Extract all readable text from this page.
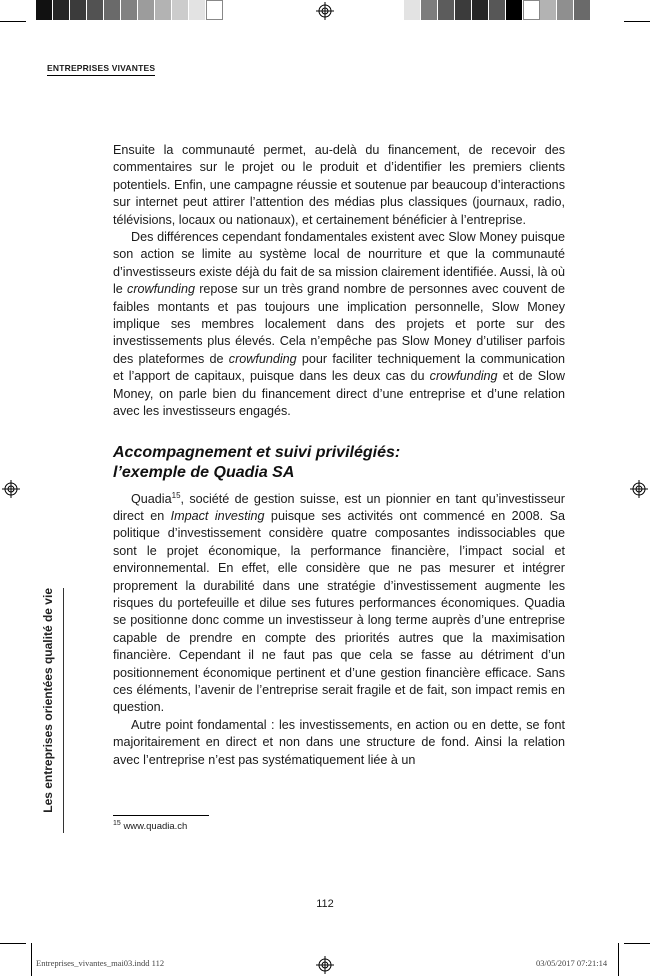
ENTREPRISES VIVANTES
Les entreprises orientées qualité de vie

Ensuite la communauté permet, au-delà du financement, de recevoir des commentaires sur le projet ou le produit et d’identifier les premiers clients potentiels. Enfin, une campagne réussie et soutenue par beaucoup d’interactions sur internet peut attirer l’attention des médias plus classiques (journaux, radio, télévisions, locaux ou nationaux), et certainement bénéficier à l’entreprise.

Des différences cependant fondamentales existent avec Slow Money puisque son action se limite au système local de nourriture et que la communauté d’investisseurs existe déjà du fait de sa mission clairement identifiée. Aussi, là où le crowfunding repose sur un très grand nombre de personnes avec couvent de faibles montants et pas toujours une implication personnelle, Slow Money implique ses membres localement dans des projets et porte sur des investissements plus élevés. Cela n’empêche pas Slow Money d’utiliser parfois des plateformes de crowfunding pour faciliter techniquement la communication et l’apport de capitaux, puisque dans les deux cas du crowfunding et de Slow Money, on parle bien du financement direct d’une entreprise et d’une relation avec les investisseurs engagés.

Accompagnement et suivi privilégiés:
l’exemple de Quadia SA

Quadia$^{15}$, société de gestion suisse, est un pionnier en tant qu’investisseur direct en Impact investing puisque ses activités ont commencé en 2008. Sa politique d’investissement considère quatre composantes indissociables que sont le projet économique, la performance financière, l’impact social et environnemental. En effet, elle considère que ne pas mesurer et intégrer proprement la durabilité dans une stratégie d’investissement augmente les risques du portefeuille et dilue ses futures performances économiques. Quadia se positionne donc comme un investisseur à long terme auprès d’une entreprise capable de prendre en compte des priorités autres que la maximisation financière. Cependant il ne faut pas que cela se fasse au détriment d’un positionnement économique pertinent et d’une gestion financière efficace. Sans ces éléments, l’avenir de l’entreprise serait fragile et de fait, son impact remis en question.

Autre point fondamental : les investissements, en action ou en dette, se font majoritairement en direct et non dans une structure de fond. Ainsi la relation avec l’entreprise n’est pas systématiquement liée à un

$^{15}$ www.quadia.ch
112
Entreprises_vivantes_mai03.indd 112	03/05/2017 07:21:14
